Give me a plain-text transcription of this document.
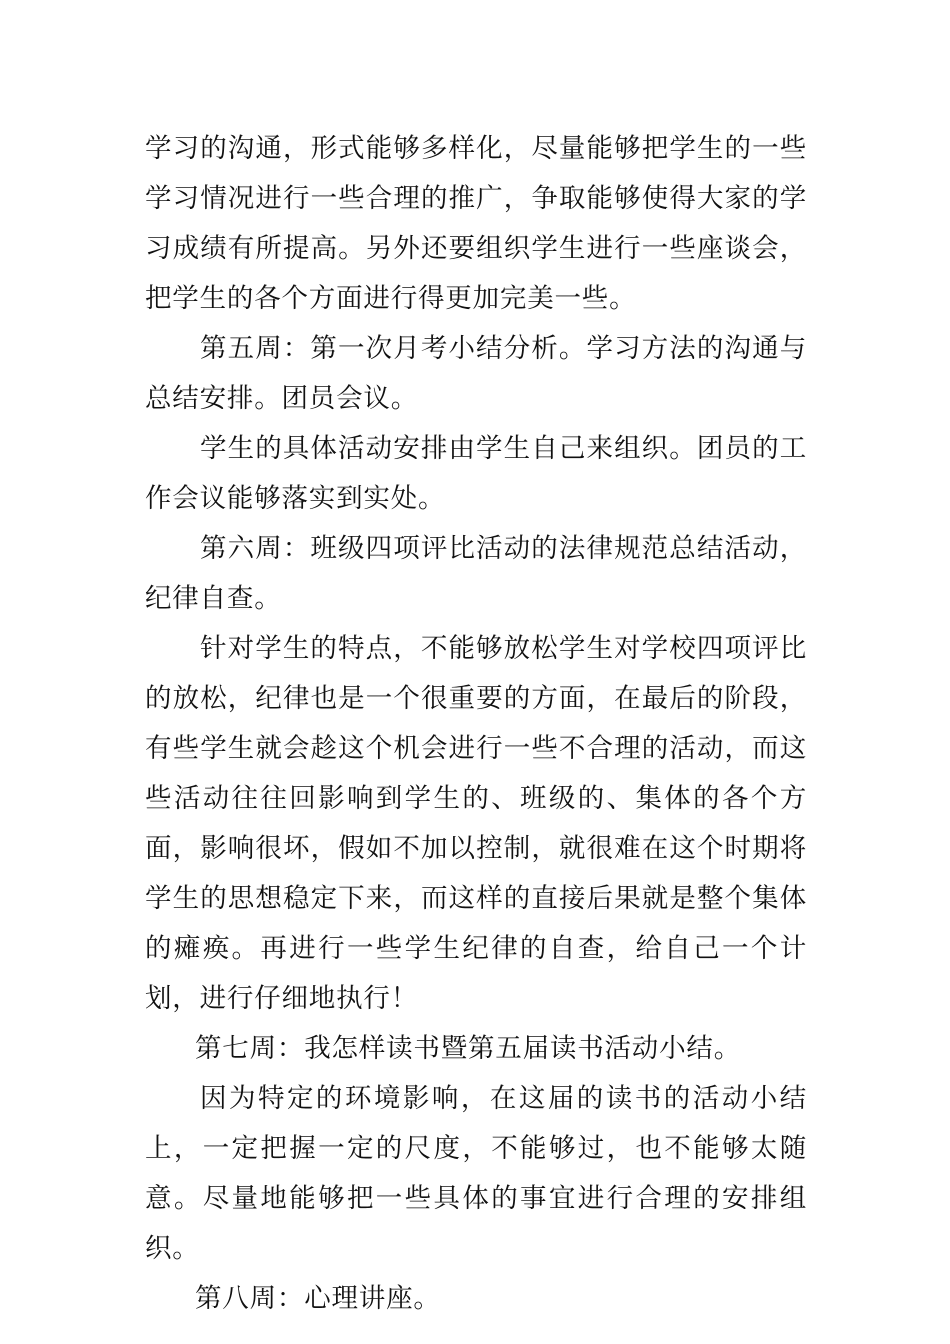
学习的沟通，形式能够多样化，尽量能够把学生的一些学习情况进行一些合理的推广，争取能够使得大家的学习成绩有所提高。另外还要组织学生进行一些座谈会，把学生的各个方面进行得更加完美一些。

第五周：第一次月考小结分析。学习方法的沟通与总结安排。团员会议。

学生的具体活动安排由学生自己来组织。团员的工作会议能够落实到实处。

第六周：班级四项评比活动的法律规范总结活动，纪律自查。

针对学生的特点，不能够放松学生对学校四项评比的放松，纪律也是一个很重要的方面，在最后的阶段，有些学生就会趁这个机会进行一些不合理的活动，而这些活动往往回影响到学生的、班级的、集体的各个方面，影响很坏，假如不加以控制，就很难在这个时期将学生的思想稳定下来，而这样的直接后果就是整个集体的瘫痪。再进行一些学生纪律的自查，给自己一个计划，进行仔细地执行！

第七周：我怎样读书暨第五届读书活动小结。

因为特定的环境影响，在这届的读书的活动小结上，一定把握一定的尺度，不能够过，也不能够太随意。尽量地能够把一些具体的事宜进行合理的安排组织。

第八周：心理讲座。
